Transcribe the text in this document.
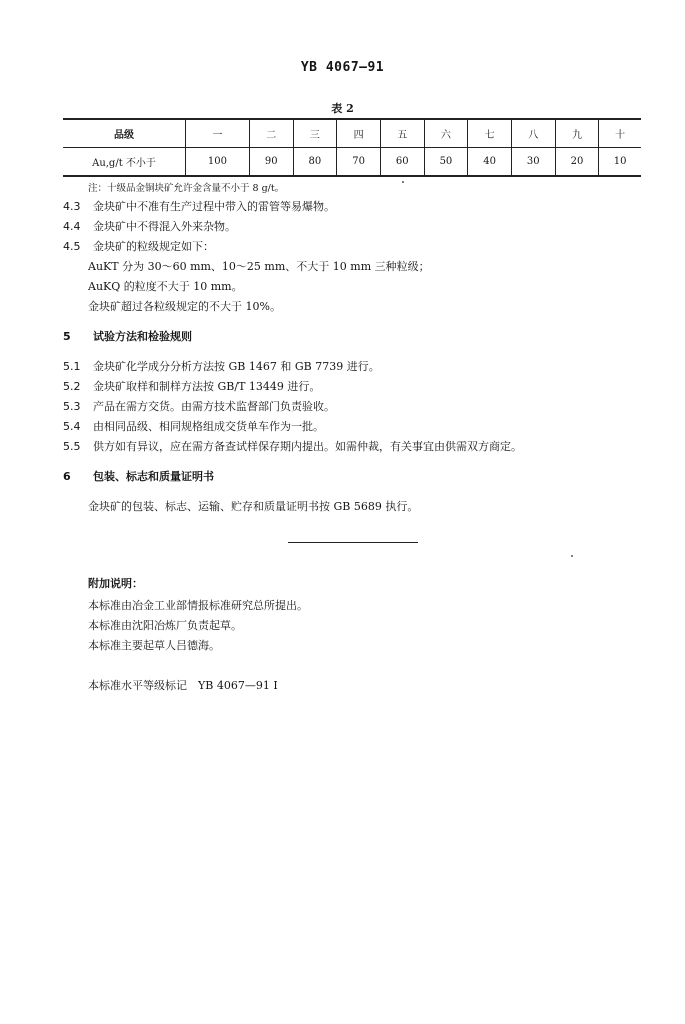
YB 4067—91
表 2
品级	一	二	三	四	五	六	七	八	九	十
Au,g/t 不小于	100	90	80	70	60	50	40	30	20	10
注：十级品金铜块矿允许金含量不小于 8 g/t。
4.3 金块矿中不准有生产过程中带入的雷管等易爆物。
4.4 金块矿中不得混入外来杂物。
4.5 金块矿的粒级规定如下：
AuKT 分为 30～60 mm、10～25 mm、不大于 10 mm 三种粒级；
AuKQ 的粒度不大于 10 mm。
金块矿超过各粒级规定的不大于 10%。
5 试验方法和检验规则
5.1 金块矿化学成分分析方法按 GB 1467 和 GB 7739 进行。
5.2 金块矿取样和制样方法按 GB/T 13449 进行。
5.3 产品在需方交货。由需方技术监督部门负责验收。
5.4 由相同品级、相同规格组成交货单车作为一批。
5.5 供方如有异议，应在需方备查试样保存期内提出。如需仲裁，有关事宜由供需双方商定。
6 包装、标志和质量证明书
金块矿的包装、标志、运输、贮存和质量证明书按 GB 5689 执行。
附加说明：
本标准由冶金工业部情报标准研究总所提出。
本标准由沈阳冶炼厂负责起草。
本标准主要起草人吕德海。
本标准水平等级标记　YB 4067—91 I
